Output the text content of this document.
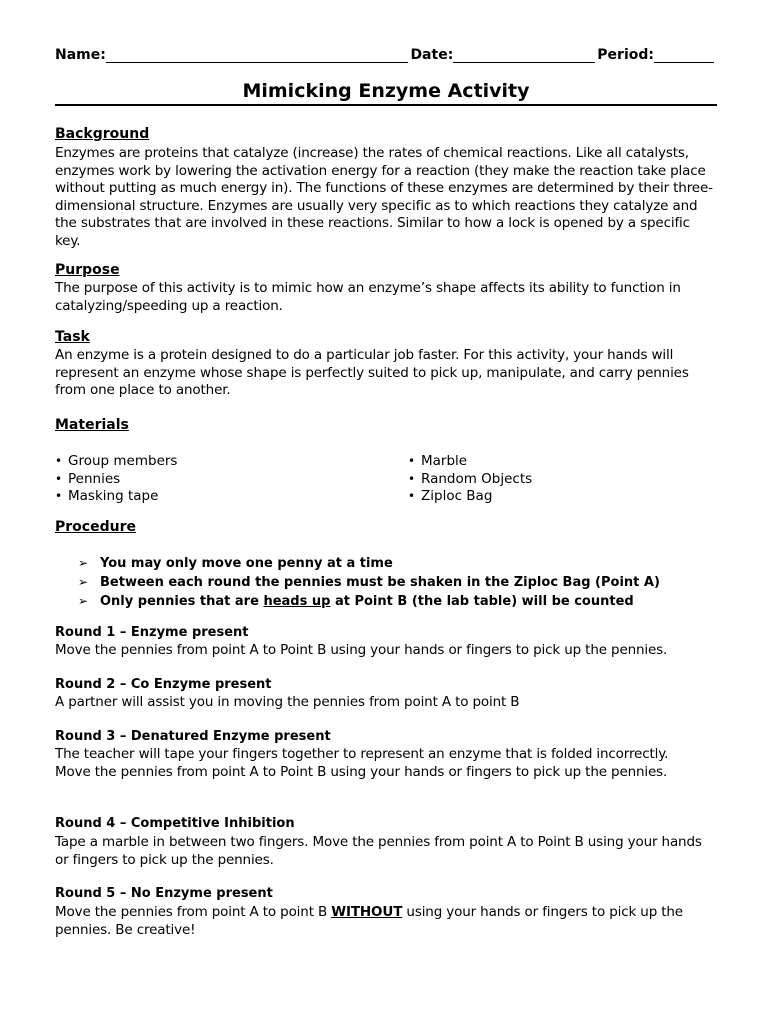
Name:	Date:	Period:
Mimicking Enzyme Activity
Background
Enzymes are proteins that catalyze (increase) the rates of chemical reactions. Like all catalysts, enzymes work by lowering the activation energy for a reaction (they make the reaction take place without putting as much energy in). The functions of these enzymes are determined by their three-dimensional structure. Enzymes are usually very specific as to which reactions they catalyze and the substrates that are involved in these reactions. Similar to how a lock is opened by a specific key.
Purpose
The purpose of this activity is to mimic how an enzyme’s shape affects its ability to function in catalyzing/speeding up a reaction.
Task
An enzyme is a protein designed to do a particular job faster. For this activity, your hands will represent an enzyme whose shape is perfectly suited to pick up, manipulate, and carry pennies from one place to another.
Materials
• Group members
• Pennies
• Masking tape
• Marble
• Random Objects
• Ziploc Bag
Procedure
➢ You may only move one penny at a time
➢ Between each round the pennies must be shaken in the Ziploc Bag (Point A)
➢ Only pennies that are heads up at Point B (the lab table) will be counted
Round 1 – Enzyme present
Move the pennies from point A to Point B using your hands or fingers to pick up the pennies.
Round 2 – Co Enzyme present
A partner will assist you in moving the pennies from point A to point B
Round 3 – Denatured Enzyme present
The teacher will tape your fingers together to represent an enzyme that is folded incorrectly.
Move the pennies from point A to Point B using your hands or fingers to pick up the pennies.
Round 4 – Competitive Inhibition
Tape a marble in between two fingers. Move the pennies from point A to Point B using your hands or fingers to pick up the pennies.
Round 5 – No Enzyme present
Move the pennies from point A to point B WITHOUT using your hands or fingers to pick up the pennies. Be creative!
